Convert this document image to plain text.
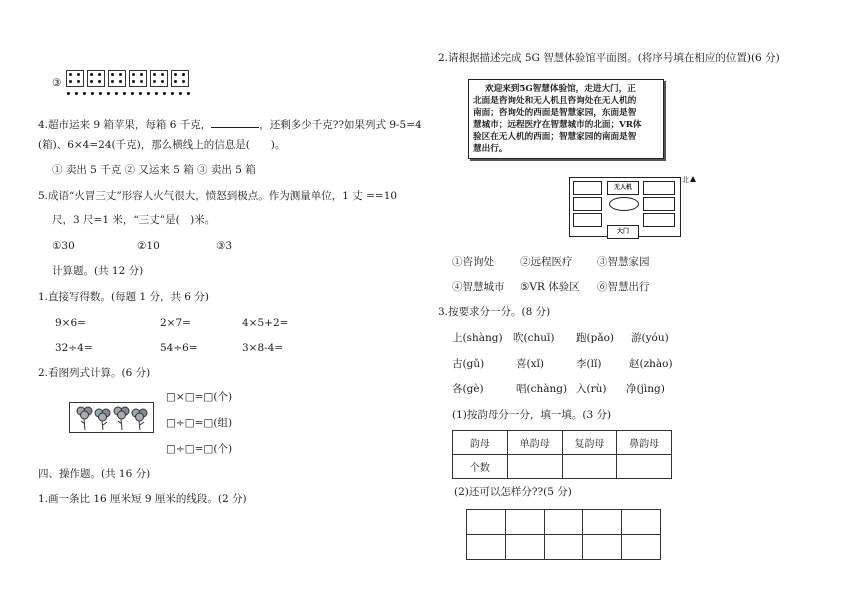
③
4.超市运来 9 箱苹果，每箱 6 千克，	，还剩多少千克??如果列式 9-5=4
(箱)、6×4=24(千克)，那么横线上的信息是(　　)。
① 卖出 5 千克 ② 又运来 5 箱 ③ 卖出 5 箱
5.成语“火冒三丈”形容人火气很大，愤怒到极点。作为测量单位，1 丈 ==10
尺，3 尺=1 米，“三丈”是(　)米。
①30	②10	③3
计算题。(共 12 分)
1.直接写得数。(每题 1 分，共 6 分)
9×6=	2×7=	4×5+2=
32÷4=	54÷6=	3×8-4=
2.看图列式计算。(6 分)
□×□=□(个)
□÷□=□(组)
□÷□=□(个)
四、操作题。(共 16 分)
1.画一条比 16 厘米短 9 厘米的线段。(2 分)
2.请根据描述完成 5G 智慧体验馆平面图。(将序号填在相应的位置)(6 分)
欢迎来到5G智慧体验馆，走进大门，正
北面是咨询处和无人机且咨询处在无人机的
南面；咨询处的西面是智慧家园，东面是智
慧城市；远程医疗在智慧城市的北面；VR体
验区在无人机的西面；智慧家园的南面是智
慧出行。
无人机
大门
北
①咨询处 ②远程医疗 ③智慧家园
④智慧城市 ⑤VR 体验区 ⑥智慧出行
3.按要求分一分。(8 分)
上(shàng) 吹(chuī) 跑(pǎo) 游(yóu)
古(gǔ)	喜(xǐ)	李(lǐ)	赵(zhào)
各(gè)	唱(chàng) 入(rù) 净(jìng)
(1)按韵母分一分，填一填。(3 分)
韵母	单韵母	复韵母	鼻韵母
个数			
(2)还可以怎样分??(5 分)
